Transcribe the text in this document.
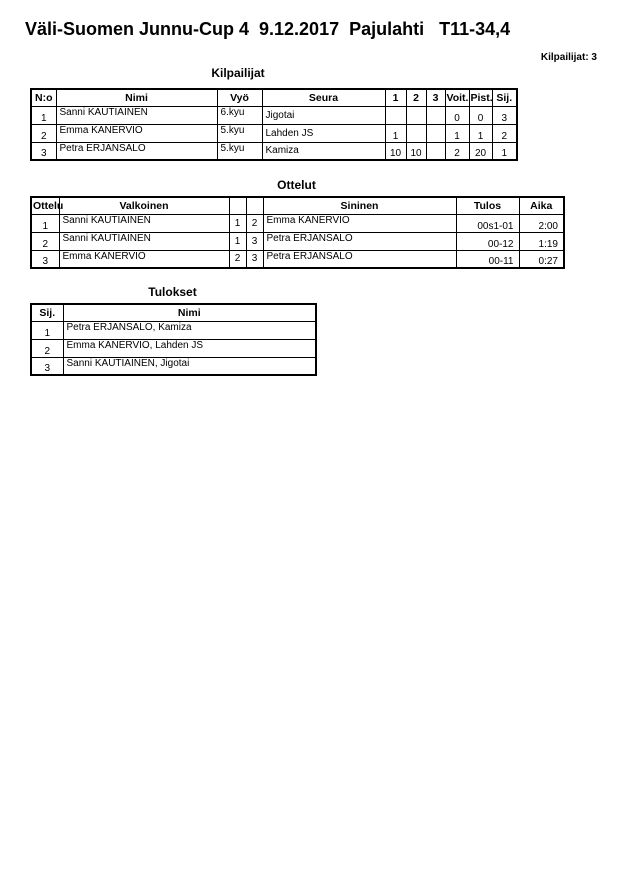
Väli-Suomen Junnu-Cup 4  9.12.2017  Pajulahti   T11-34,4
Kilpailijat: 3
Kilpailijat
N:o	Nimi	Vyö	Seura	1	2	3	Voit.	Pist.	Sij.
1	Sanni KAUTIAINEN	6.kyu	Jigotai				0	0	3
2	Emma KANERVIO	5.kyu	Lahden JS	1			1	1	2
3	Petra ERJANSALO	5.kyu	Kamiza	10	10		2	20	1
Ottelut
Ottelu	Valkoinen			Sininen	Tulos	Aika
1	Sanni KAUTIAINEN	1	2	Emma KANERVIO	00s1-01	2:00
2	Sanni KAUTIAINEN	1	3	Petra ERJANSALO	00-12	1:19
3	Emma KANERVIO	2	3	Petra ERJANSALO	00-11	0:27
Tulokset
Sij.	Nimi
1	Petra ERJANSALO, Kamiza
2	Emma KANERVIO, Lahden JS
3	Sanni KAUTIAINEN, Jigotai
